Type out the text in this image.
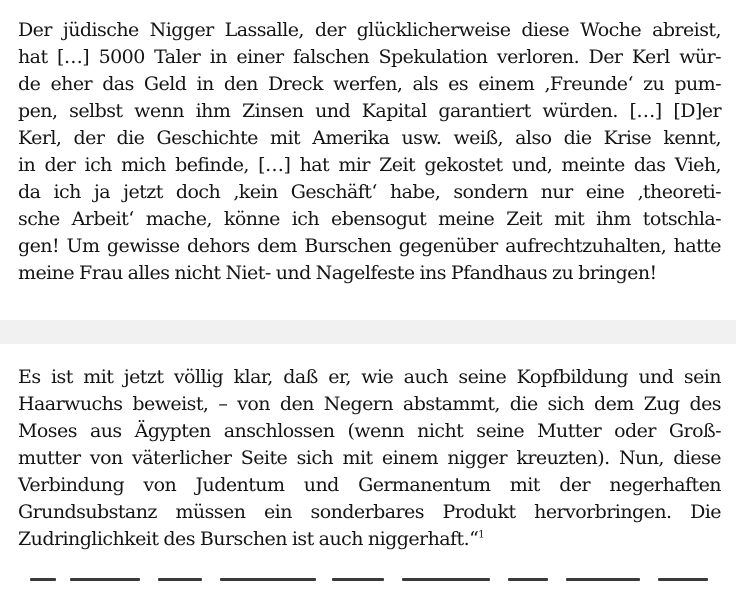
Der jüdische Nigger Lassalle, der glücklicherweise diese Woche abreist,

hat […] 5000 Taler in einer falschen Spekulation verloren. Der Kerl wür-

de eher das Geld in den Dreck werfen, als es einem ‚Freunde‘ zu pum-

pen, selbst wenn ihm Zinsen und Kapital garantiert würden. […] [D]er

Kerl, der die Geschichte mit Amerika usw. weiß, also die Krise kennt,

in der ich mich befinde, […] hat mir Zeit gekostet und, meinte das Vieh,

da ich ja jetzt doch ‚kein Geschäft‘ habe, sondern nur eine ‚theoreti-

sche Arbeit‘ mache, könne ich ebensogut meine Zeit mit ihm totschla-

gen! Um gewisse dehors dem Burschen gegenüber aufrechtzuhalten, hatte

meine Frau alles nicht Niet- und Nagelfeste ins Pfandhaus zu bringen!

Es ist mit jetzt völlig klar, daß er, wie auch seine Kopfbildung und sein

Haarwuchs beweist, – von den Negern abstammt, die sich dem Zug des

Moses aus Ägypten anschlossen (wenn nicht seine Mutter oder Groß-

mutter von väterlicher Seite sich mit einem nigger kreuzten). Nun, diese

Verbindung von Judentum und Germanentum mit der negerhaften

Grundsubstanz müssen ein sonderbares Produkt hervorbringen. Die

Zudringlichkeit des Burschen ist auch niggerhaft.“$^1$
